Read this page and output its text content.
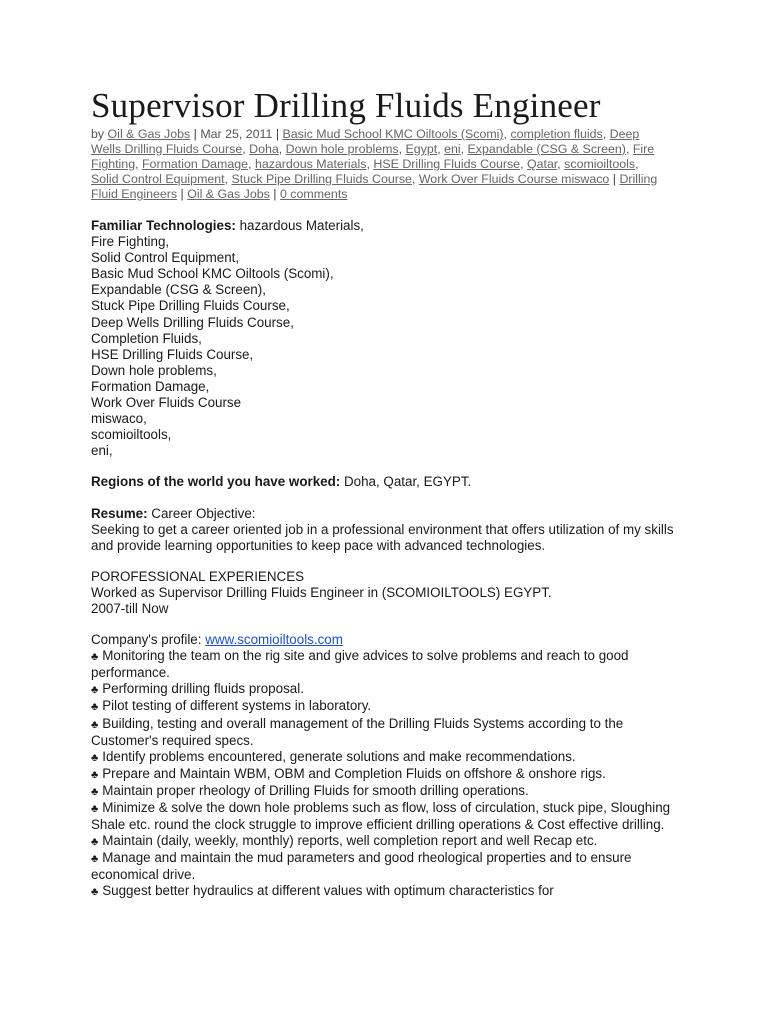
Supervisor Drilling Fluids Engineer
by Oil & Gas Jobs | Mar 25, 2011 | Basic Mud School KMC Oiltools (Scomi), completion fluids, Deep Wells Drilling Fluids Course, Doha, Down hole problems, Egypt, eni, Expandable (CSG & Screen), Fire Fighting, Formation Damage, hazardous Materials, HSE Drilling Fluids Course, Qatar, scomioiltools, Solid Control Equipment, Stuck Pipe Drilling Fluids Course, Work Over Fluids Course miswaco | Drilling Fluid Engineers | Oil & Gas Jobs | 0 comments
Familiar Technologies: hazardous Materials,
Fire Fighting,
Solid Control Equipment,
Basic Mud School KMC Oiltools (Scomi),
Expandable (CSG & Screen),
Stuck Pipe Drilling Fluids Course,
Deep Wells Drilling Fluids Course,
Completion Fluids,
HSE Drilling Fluids Course,
Down hole problems,
Formation Damage,
Work Over Fluids Course
miswaco,
scomioiltools,
eni,
Regions of the world you have worked: Doha, Qatar, EGYPT.
Resume: Career Objective:
Seeking to get a career oriented job in a professional environment that offers utilization of my skills and provide learning opportunities to keep pace with advanced technologies.
POROFESSIONAL EXPERIENCES
Worked as Supervisor Drilling Fluids Engineer in (SCOMIOILTOOLS) EGYPT.
2007-till Now
Company's profile: www.scomioiltools.com
♣ Monitoring the team on the rig site and give advices to solve problems and reach to good performance.
♣ Performing drilling fluids proposal.
♣ Pilot testing of different systems in laboratory.
♣ Building, testing and overall management of the Drilling Fluids Systems according to the Customer's required specs.
♣ Identify problems encountered, generate solutions and make recommendations.
♣ Prepare and Maintain WBM, OBM and Completion Fluids on offshore & onshore rigs.
♣ Maintain proper rheology of Drilling Fluids for smooth drilling operations.
♣ Minimize & solve the down hole problems such as flow, loss of circulation, stuck pipe, Sloughing Shale etc. round the clock struggle to improve efficient drilling operations & Cost effective drilling.
♣ Maintain (daily, weekly, monthly) reports, well completion report and well Recap etc.
♣ Manage and maintain the mud parameters and good rheological properties and to ensure economical drive.
♣ Suggest better hydraulics at different values with optimum characteristics for
